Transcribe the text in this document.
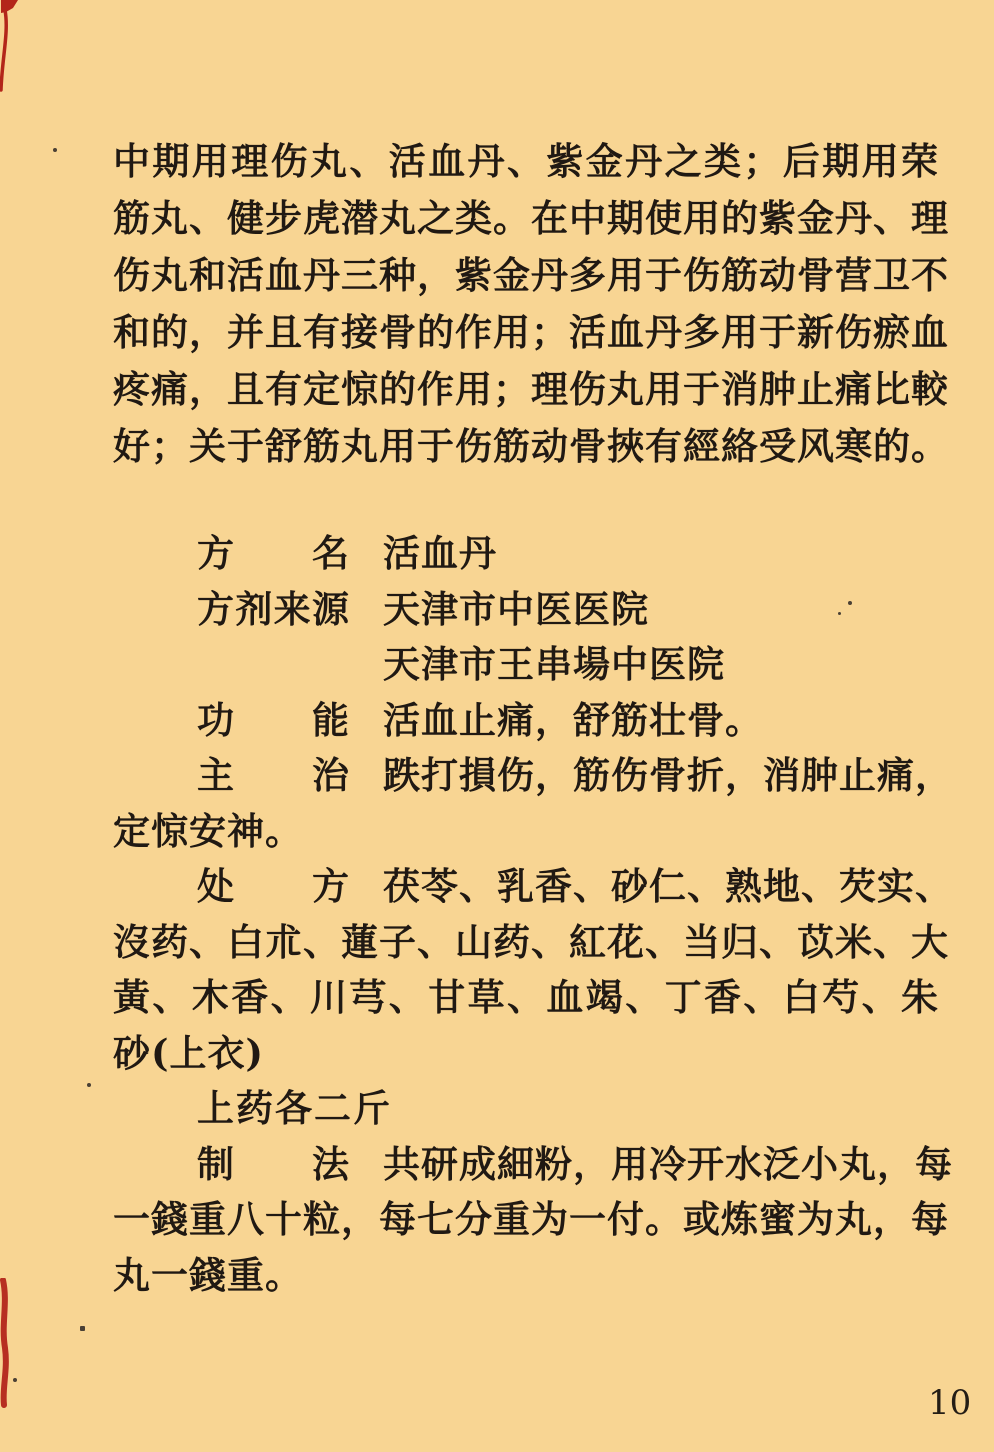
中期用理伤丸、活血丹、紫金丹之类；后期用荣
筋丸、健步虎潜丸之类。在中期使用的紫金丹、理
伤丸和活血丹三种，紫金丹多用于伤筋动骨营卫不
和的，并且有接骨的作用；活血丹多用于新伤瘀血
疼痛，且有定惊的作用；理伤丸用于消肿止痛比較
好；关于舒筋丸用于伤筋动骨挾有經絡受风寒的。
方名 活血丹
方剂来源 天津市中医医院
天津市王串場中医院
功能 活血止痛，舒筋壮骨。
主治 跌打損伤，筋伤骨折，消肿止痛，
定惊安神。
处方 茯苓、乳香、砂仁、熟地、芡实、
沒药、白朮、蓮子、山药、紅花、当归、苡米、大
黃、木香、川芎、甘草、血竭、丁香、白芍、朱
砂(上衣)
上药各二斤
制法 共研成細粉，用冷开水泛小丸，每
一錢重八十粒，每七分重为一付。或炼蜜为丸，每
丸一錢重。
10
